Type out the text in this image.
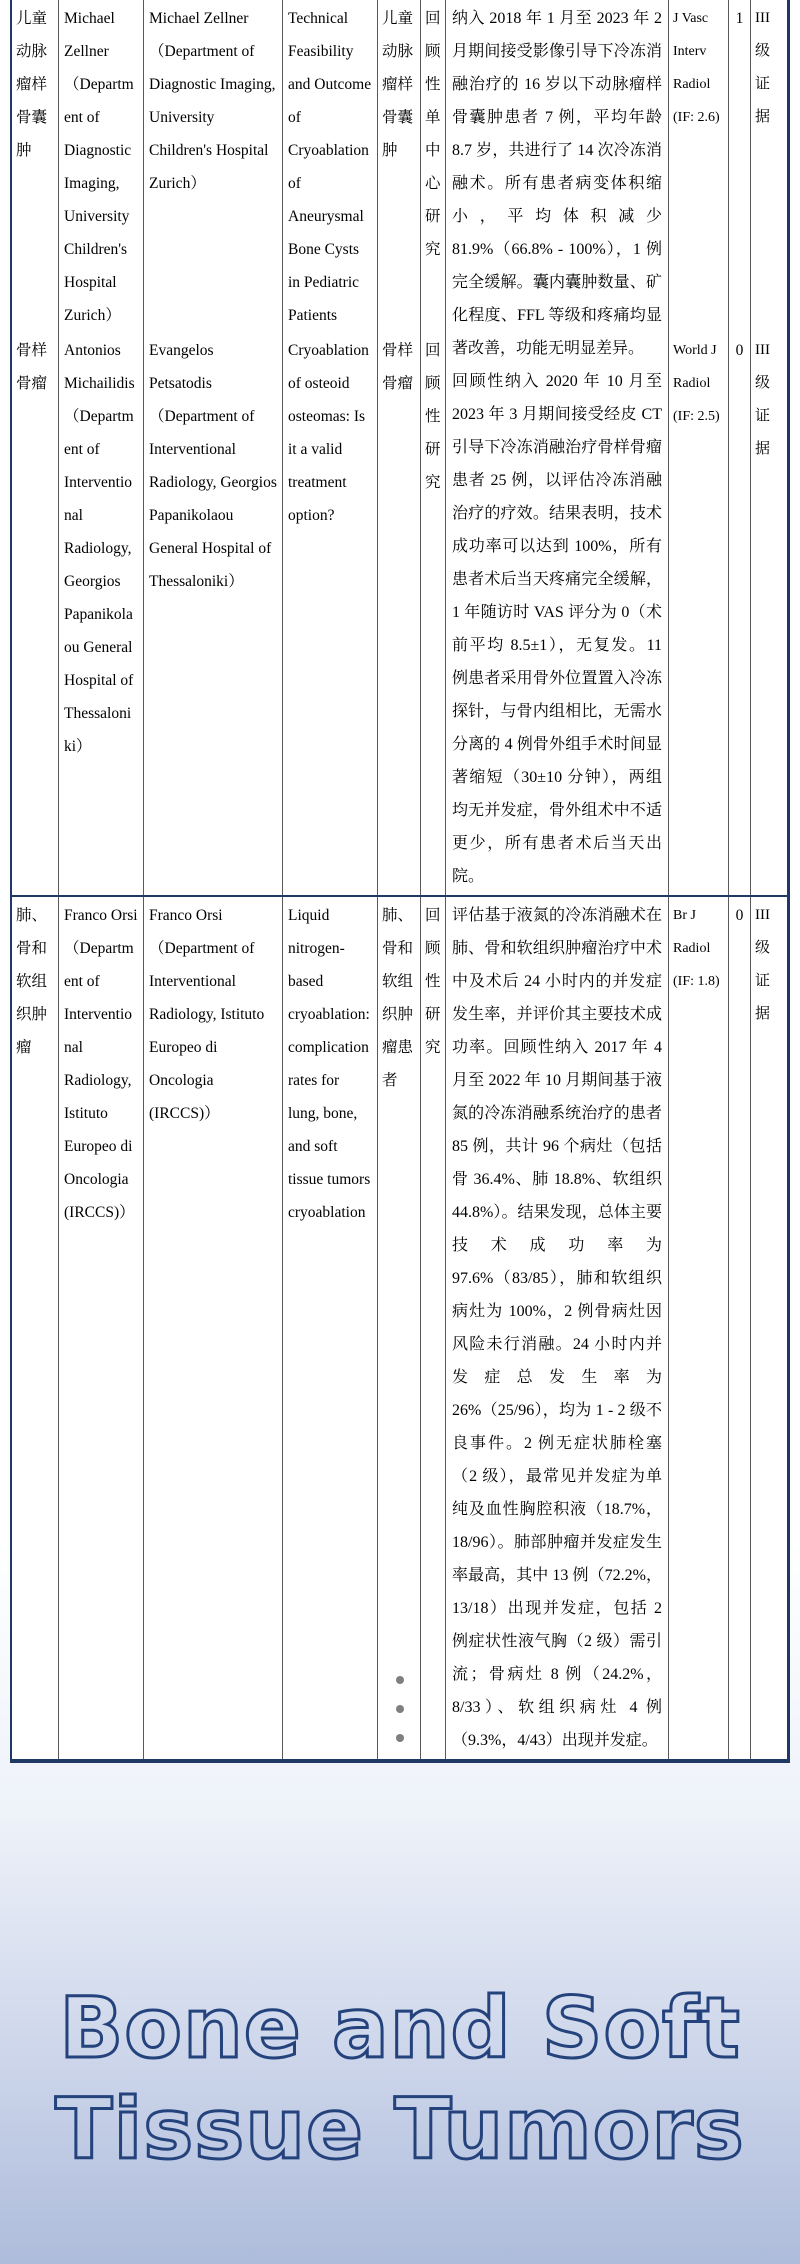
儿童动脉瘤样骨囊肿
骨样骨瘤
Michael Zellner（Department of Diagnostic Imaging, University Children's Hospital Zurich）
Antonios Michailidis（Department of Interventional Radiology, Georgios Papanikolaou General Hospital of Thessaloniki）
Michael Zellner（Department of Diagnostic Imaging, University Children's Hospital Zurich）
Evangelos Petsatodis（Department of Interventional Radiology, Georgios Papanikolaou General Hospital of Thessaloniki）
Technical Feasibility and Outcome of Cryoablation of Aneurysmal Bone Cysts in Pediatric Patients
Cryoablation of osteoid osteomas: Is it a valid treatment option?
儿童动脉瘤样骨囊肿
骨样骨瘤
回顾性单中心研究
回顾性研究
纳入 2018 年 1 月至 2023 年 2 月期间接受影像引导下冷冻消融治疗的 16 岁以下动脉瘤样骨囊肿患者 7 例，平均年龄 8.7 岁，共进行了 14 次冷冻消融术。所有患者病变体积缩小，平均体积减少 81.9%（66.8% - 100%），1 例完全缓解。囊内囊肿数量、矿化程度、FFL 等级和疼痛均显著改善，功能无明显差异。
回顾性纳入 2020 年 10 月至 2023 年 3 月期间接受经皮 CT 引导下冷冻消融治疗骨样骨瘤患者 25 例，以评估冷冻消融治疗的疗效。结果表明，技术成功率可以达到 100%，所有患者术后当天疼痛完全缓解，1 年随访时 VAS 评分为 0（术前平均 8.5±1），无复发。11 例患者采用骨外位置置入冷冻探针，与骨内组相比，无需水分离的 4 例骨外组手术时间显著缩短（30±10 分钟），两组均无并发症，骨外组术中不适更少，所有患者术后当天出院。
J Vasc Interv Radiol (IF: 2.6)
World J Radiol (IF: 2.5)
1
0
III级证据
III级证据
肺、骨和软组织肿瘤
Franco Orsi（Department of Interventional Radiology, Istituto Europeo di Oncologia (IRCCS)）
Franco Orsi（Department of Interventional Radiology, Istituto Europeo di Oncologia (IRCCS)）
Liquid nitrogen-based cryoablation: complication rates for lung, bone, and soft tissue tumors cryoablation
肺、骨和软组织肿瘤患者
回顾性研究
评估基于液氮的冷冻消融术在肺、骨和软组织肿瘤治疗中术中及术后 24 小时内的并发症发生率，并评价其主要技术成功率。回顾性纳入 2017 年 4 月至 2022 年 10 月期间基于液氮的冷冻消融系统治疗的患者 85 例，共计 96 个病灶（包括骨 36.4%、肺 18.8%、软组织 44.8%）。结果发现，总体主要技术成功率为 97.6%（83/85），肺和软组织病灶为 100%，2 例骨病灶因风险未行消融。24 小时内并发症总发生率为 26%（25/96），均为 1 - 2 级不良事件。2 例无症状肺栓塞（2 级），最常见并发症为单纯及血性胸腔积液（18.7%，18/96）。肺部肿瘤并发症发生率最高，其中 13 例（72.2%，13/18）出现并发症，包括 2 例症状性液气胸（2 级）需引流；骨病灶 8 例（24.2%，8/33）、软组织病灶 4 例（9.3%，4/43）出现并发症。
Br J Radiol (IF: 1.8)
0 III级证据
Bone and Soft
Tissue Tumors
